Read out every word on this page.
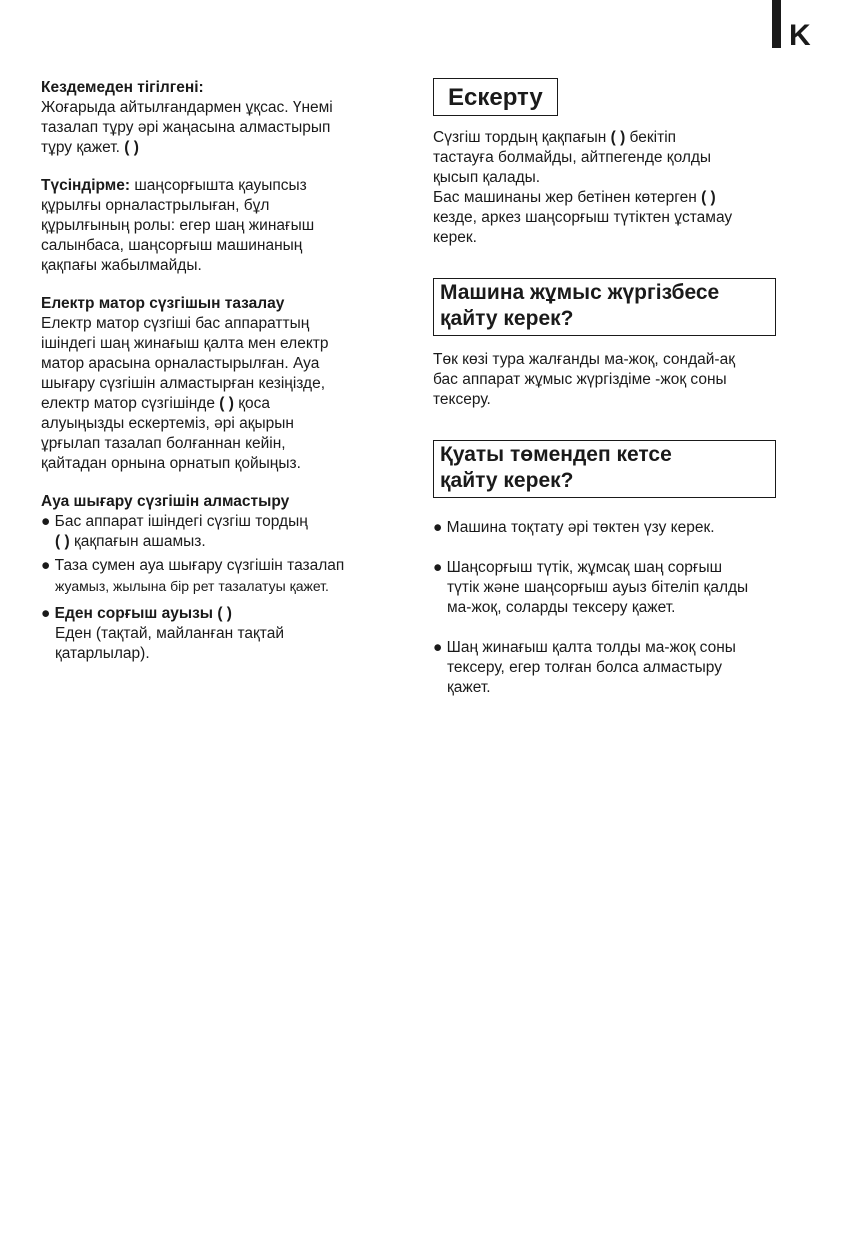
K
Кездемеден тігілгені:
Жоғарыда айтылғандармен ұқсас. Үнемі
тазалап тұру әрі жаңасына алмастырып
тұру қажет. ( )
Түсіндірме: шаңсорғышта қауыпсыз
құрылғы орналастрылыған, бұл
құрылғының ролы: егер шаң жинағыш
салынбаса, шаңсорғыш машинаның
қақпағы жабылмайды.
Електр матор сүзгішын тазалау
Електр матор сүзгіші бас аппараттың
ішіндегі шаң жинағыш қалта мен електр
матор арасына орналастырылған. Ауа
шығару сүзгішін алмастырған кезіңізде,
електр матор сүзгішінде ( ) қоса
алуыңызды ескертеміз, әрі ақырын
ұрғылап тазалап болғаннан кейін,
қайтадан орнына орнатып қойыңыз.
Ауа шығару сүзгішін алмастыру
● Бас аппарат ішіндегі сүзгіш тордың
( ) қақпағын ашамыз.
● Таза сумен ауа шығару сүзгішін тазалап
жуамыз, жылына бір рет тазалатуы қажет.
● Еден сорғыш ауызы ( )
Еден (тақтай, майланған тақтай
қатарлылар).
Ескерту
Сүзгіш тордың қақпағын ( ) бекітіп
тастауға болмайды, айтпегенде қолды
қысып қалады.
Бас машинаны жер бетінен көтерген ( )
кезде, аркез шаңсорғыш түтіктен ұстамау
керек.
Машина жұмыс жүргізбесе
қайту керек?
Төк көзі тура жалғанды ма-жоқ, сондай-ақ
бас аппарат жұмыс жүргіздіме -жоқ соны
тексеру.
Қуаты төмендеп кетсе
қайту керек?
● Машина тоқтату әрі төктен үзу керек.
● Шаңсорғыш түтік, жұмсақ шаң сорғыш
түтік және шаңсорғыш ауыз бітеліп қалды
ма-жоқ, соларды тексеру қажет.
● Шаң жинағыш қалта толды ма-жоқ соны
тексеру, егер толған болса алмастыру
қажет.
